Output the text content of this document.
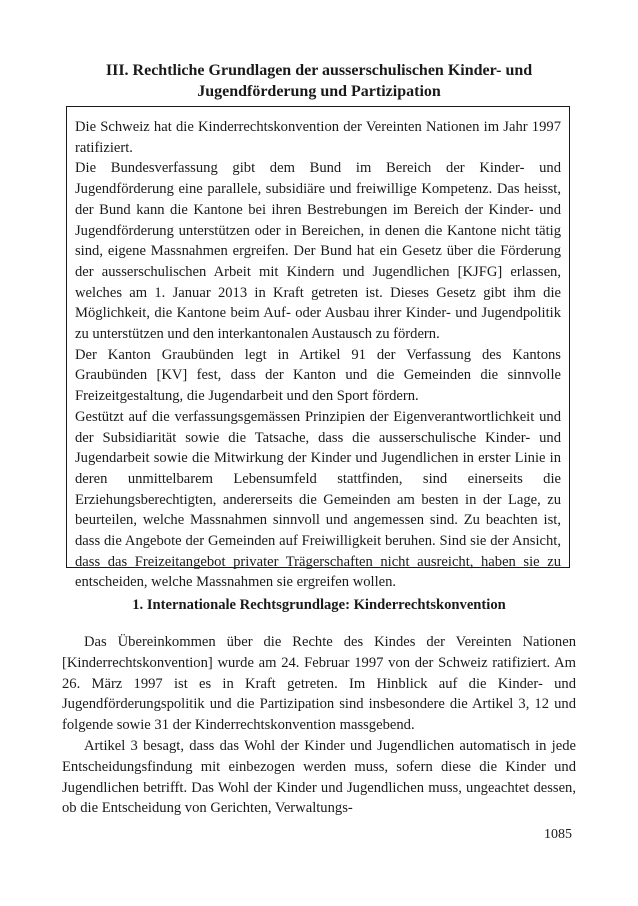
III. Rechtliche Grundlagen der ausserschulischen Kinder- und Jugendförderung und Partizipation

Die Schweiz hat die Kinderrechtskonvention der Vereinten Nationen im Jahr 1997 ratifiziert.

Die Bundesverfassung gibt dem Bund im Bereich der Kinder- und Jugendförderung eine parallele, subsidiäre und freiwillige Kompetenz. Das heisst, der Bund kann die Kantone bei ihren Bestrebungen im Bereich der Kinder- und Jugendförderung unterstützen oder in Bereichen, in denen die Kantone nicht tätig sind, eigene Massnahmen ergreifen. Der Bund hat ein Gesetz über die Förderung der ausserschulischen Arbeit mit Kindern und Jugendlichen [KJFG] erlassen, welches am 1. Januar 2013 in Kraft getreten ist. Dieses Gesetz gibt ihm die Möglichkeit, die Kantone beim Auf- oder Ausbau ihrer Kinder- und Jugendpolitik zu unterstützen und den interkantonalen Austausch zu fördern.

Der Kanton Graubünden legt in Artikel 91 der Verfassung des Kantons Graubünden [KV] fest, dass der Kanton und die Gemeinden die sinnvolle Freizeitgestaltung, die Jugendarbeit und den Sport fördern.

Gestützt auf die verfassungsgemässen Prinzipien der Eigenverantwortlichkeit und der Subsidiarität sowie die Tatsache, dass die ausserschulische Kinder- und Jugendarbeit sowie die Mitwirkung der Kinder und Jugendlichen in erster Linie in deren unmittelbarem Lebensumfeld stattfinden, sind einerseits die Erziehungsberechtigten, andererseits die Gemeinden am besten in der Lage, zu beurteilen, welche Massnahmen sinnvoll und angemessen sind. Zu beachten ist, dass die Angebote der Gemeinden auf Freiwilligkeit beruhen. Sind sie der Ansicht, dass das Freizeitangebot privater Trägerschaften nicht ausreicht, haben sie zu entscheiden, welche Massnahmen sie ergreifen wollen.

1. Internationale Rechtsgrundlage: Kinderrechtskonvention

Das Übereinkommen über die Rechte des Kindes der Vereinten Nationen [Kinderrechtskonvention] wurde am 24. Februar 1997 von der Schweiz ratifiziert. Am 26. März 1997 ist es in Kraft getreten. Im Hinblick auf die Kinder- und Jugendförderungspolitik und die Partizipation sind insbesondere die Artikel 3, 12 und folgende sowie 31 der Kinderrechtskonvention massgebend.

Artikel 3 besagt, dass das Wohl der Kinder und Jugendlichen automatisch in jede Entscheidungsfindung mit einbezogen werden muss, sofern diese die Kinder und Jugendlichen betrifft. Das Wohl der Kinder und Jugendlichen muss, ungeachtet dessen, ob die Entscheidung von Gerichten, Verwaltungs-

1085
